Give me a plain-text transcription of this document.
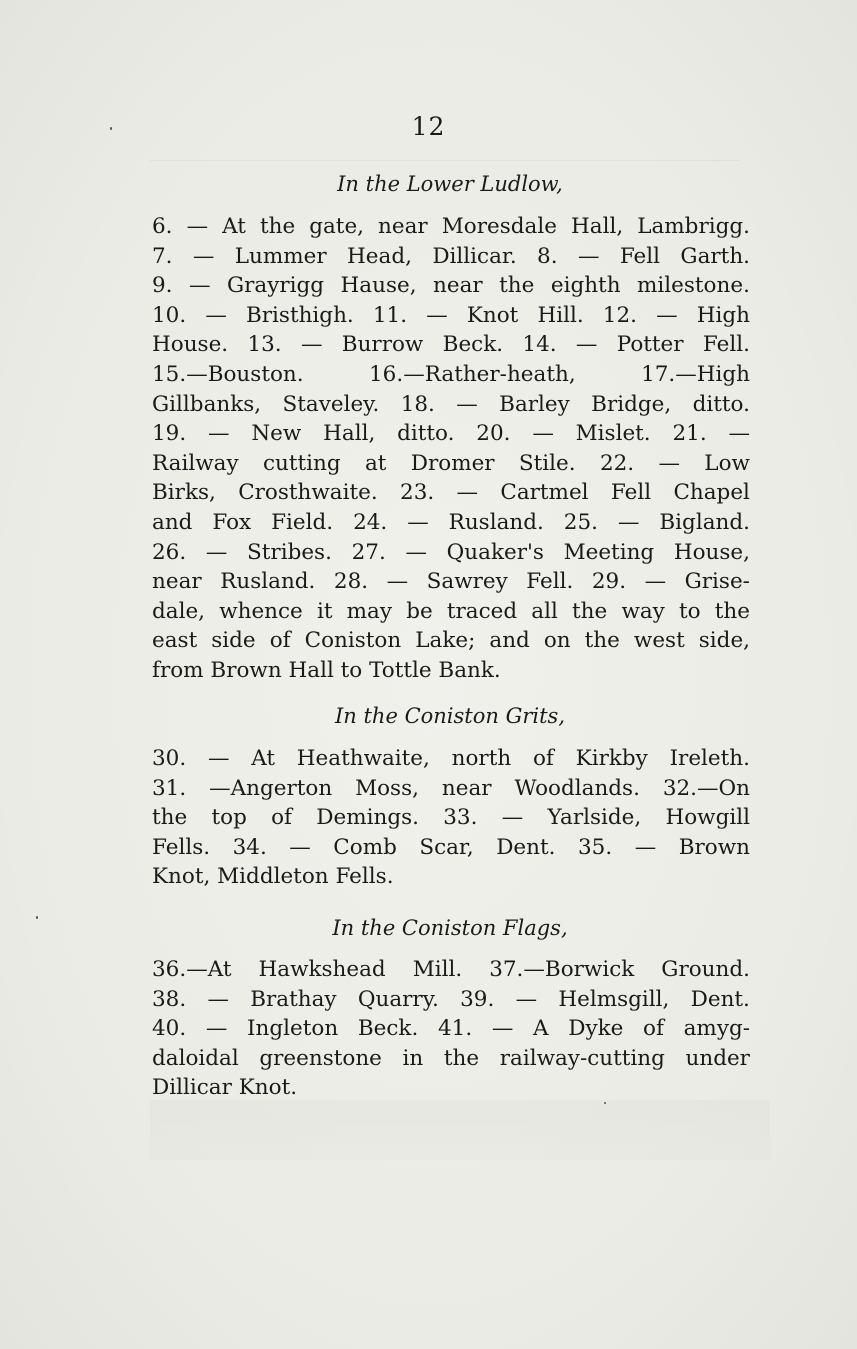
12
In the Lower Ludlow,
6. — At the gate, near Moresdale Hall, Lambrigg.
7. — Lummer Head, Dillicar. 8. — Fell Garth.
9. — Grayrigg Hause, near the eighth milestone.
10. — Bristhigh. 11. — Knot Hill. 12. — High
House. 13. — Burrow Beck. 14. — Potter Fell.
15.—Bouston.	16.—Rather-heath,	17.—High
Gillbanks, Staveley. 18. — Barley Bridge, ditto.
19. — New Hall, ditto. 20. — Mislet. 21. —
Railway cutting at Dromer Stile. 22. — Low
Birks, Crosthwaite. 23. — Cartmel Fell Chapel
and Fox Field. 24. — Rusland. 25. — Bigland.
26. — Stribes. 27. — Quaker's Meeting House,
near Rusland. 28. — Sawrey Fell. 29. — Grise-
dale, whence it may be traced all the way to the
east side of Coniston Lake; and on the west side,
from Brown Hall to Tottle Bank.
In the Coniston Grits,
30. — At Heathwaite, north of Kirkby Ireleth.
31. —Angerton Moss, near Woodlands. 32.—On
the top of Demings. 33. — Yarlside, Howgill
Fells. 34. — Comb Scar, Dent. 35. — Brown
Knot, Middleton Fells.
In the Coniston Flags,
36.—At Hawkshead Mill. 37.—Borwick Ground.
38. — Brathay Quarry. 39. — Helmsgill, Dent.
40. — Ingleton Beck. 41. — A Dyke of amyg-
daloidal greenstone in the railway-cutting under
Dillicar Knot.
